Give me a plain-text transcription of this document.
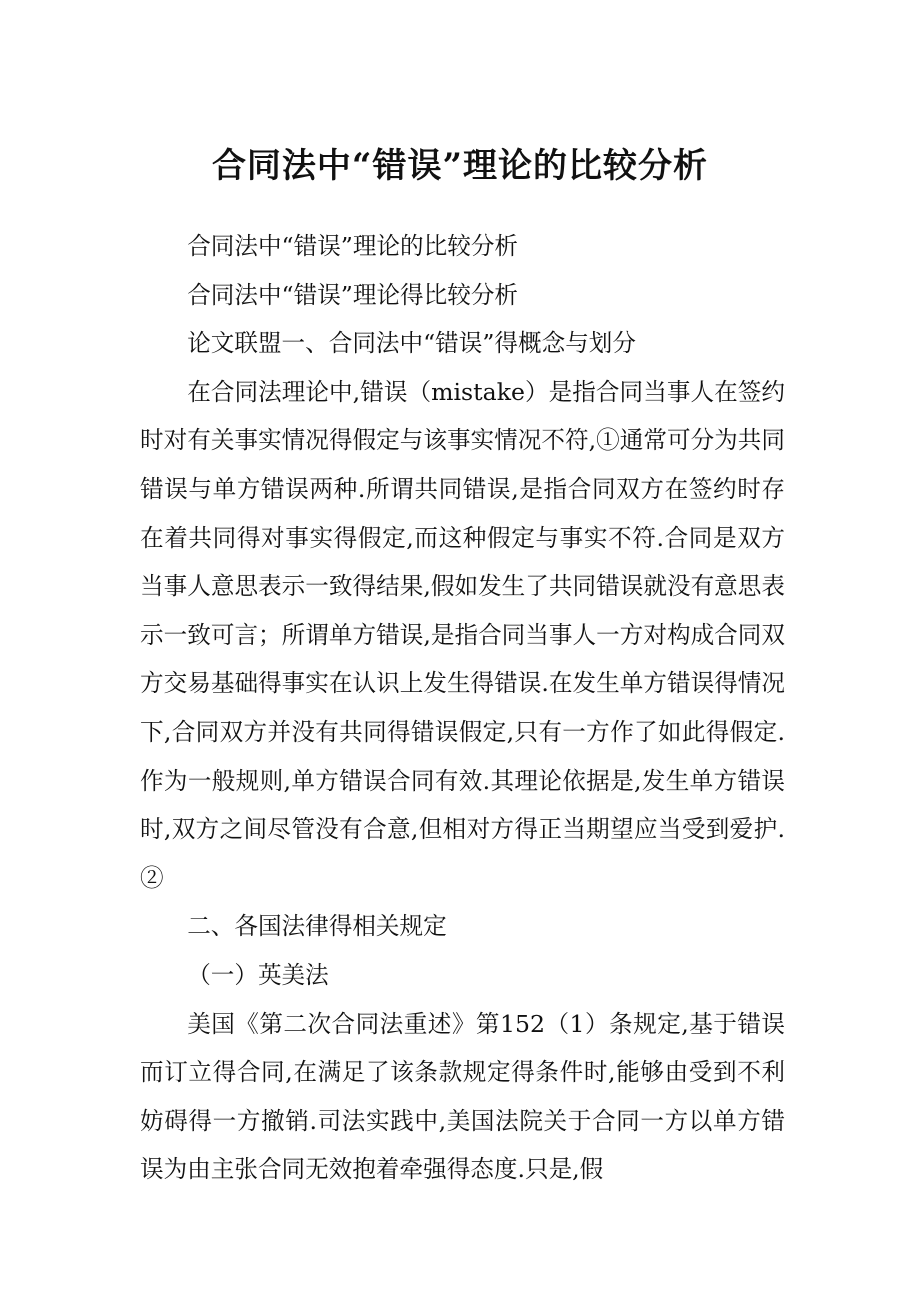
合同法中“错误”理论的比较分析

合同法中“错误”理论的比较分析

合同法中“错误”理论得比较分析

论文联盟一、合同法中“错误”得概念与划分

在合同法理论中,错误（mistake）是指合同当事人在签约时对有关事实情况得假定与该事实情况不符,①通常可分为共同错误与单方错误两种.所谓共同错误,是指合同双方在签约时存在着共同得对事实得假定,而这种假定与事实不符.合同是双方当事人意思表示一致得结果,假如发生了共同错误就没有意思表示一致可言；所谓单方错误,是指合同当事人一方对构成合同双方交易基础得事实在认识上发生得错误.在发生单方错误得情况下,合同双方并没有共同得错误假定,只有一方作了如此得假定.作为一般规则,单方错误合同有效.其理论依据是,发生单方错误时,双方之间尽管没有合意,但相对方得正当期望应当受到爱护.②

二、各国法律得相关规定

（一）英美法

美国《第二次合同法重述》第152（1）条规定,基于错误而订立得合同,在满足了该条款规定得条件时,能够由受到不利妨碍得一方撤销.司法实践中,美国法院关于合同一方以单方错误为由主张合同无效抱着牵强得态度.只是,假
